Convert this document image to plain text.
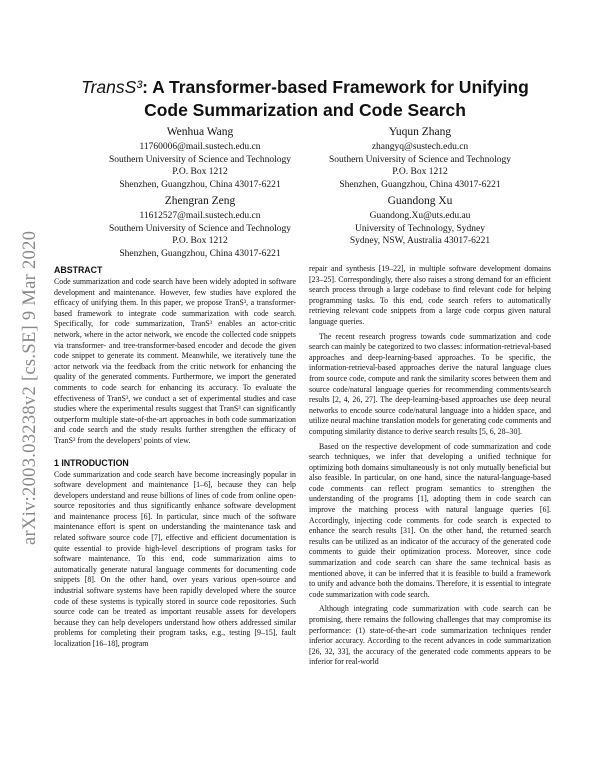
arXiv:2003.03238v2 [cs.SE] 9 Mar 2020
TransS³: A Transformer-based Framework for Unifying Code Summarization and Code Search
Wenhua Wang
11760006@mail.sustech.edu.cn
Southern University of Science and Technology
P.O. Box 1212
Shenzhen, Guangzhou, China 43017-6221
Yuqun Zhang
zhangyq@sustech.edu.cn
Southern University of Science and Technology
P.O. Box 1212
Shenzhen, Guangzhou, China 43017-6221
Zhengran Zeng
11612527@mail.sustech.edu.cn
Southern University of Science and Technology
P.O. Box 1212
Shenzhen, Guangzhou, China 43017-6221
Guandong Xu
Guandong.Xu@uts.edu.au
University of Technology, Sydney
Sydney, NSW, Australia 43017-6221

ABSTRACT

Code summarization and code search have been widely adopted in software development and maintenance. However, few studies have explored the efficacy of unifying them. In this paper, we propose TranS³, a transformer-based framework to integrate code summarization with code search. Specifically, for code summarization, TranS³ enables an actor-critic network, where in the actor network, we encode the collected code snippets via transformer- and tree-transformer-based encoder and decode the given code snippet to generate its comment. Meanwhile, we iteratively tune the actor network via the feedback from the critic network for enhancing the quality of the generated comments. Furthermore, we import the generated comments to code search for enhancing its accuracy. To evaluate the effectiveness of TranS³, we conduct a set of experimental studies and case studies where the experimental results suggest that TranS³ can significantly outperform multiple state-of-the-art approaches in both code summarization and code search and the study results further strengthen the efficacy of TranS³ from the developers' points of view.

1 INTRODUCTION

Code summarization and code search have become increasingly popular in software development and maintenance [1–6], because they can help developers understand and reuse billions of lines of code from online open-source repositories and thus significantly enhance software development and maintenance process [6]. In particular, since much of the software maintenance effort is spent on understanding the maintenance task and related software source code [7], effective and efficient documentation is quite essential to provide high-level descriptions of program tasks for software maintenance. To this end, code summarization aims to automatically generate natural language comments for documenting code snippets [8]. On the other hand, over years various open-source and industrial software systems have been rapidly developed where the source code of these systems is typically stored in source code repositories. Such source code can be treated as important reusable assets for developers because they can help developers understand how others addressed similar problems for completing their program tasks, e.g., testing [9–15], fault localization [16–18], program

repair and synthesis [19–22], in multiple software development domains [23–25]. Correspondingly, there also raises a strong demand for an efficient search process through a large codebase to find relevant code for helping programming tasks. To this end, code search refers to automatically retrieving relevant code snippets from a large code corpus given natural language queries.

The recent research progress towards code summarization and code search can mainly be categorized to two classes: information-retrieval-based approaches and deep-learning-based approaches. To be specific, the information-retrieval-based approaches derive the natural language clues from source code, compute and rank the similarity scores between them and source code/natural language queries for recommending comments/search results [2, 4, 26, 27]. The deep-learning-based approaches use deep neural networks to encode source code/natural language into a hidden space, and utilize neural machine translation models for generating code comments and computing similarity distance to derive search results [5, 6, 28–30].

Based on the respective development of code summarization and code search techniques, we infer that developing a unified technique for optimizing both domains simultaneously is not only mutually beneficial but also feasible. In particular, on one hand, since the natural-language-based code comments can reflect program semantics to strengthen the understanding of the programs [1], adopting them in code search can improve the matching process with natural language queries [6]. Accordingly, injecting code comments for code search is expected to enhance the search results [31]. On the other hand, the returned search results can be utilized as an indicator of the accuracy of the generated code comments to guide their optimization process. Moreover, since code summarization and code search can share the same technical basis as mentioned above, it can be inferred that it is feasible to build a framework to unify and advance both the domains. Therefore, it is essential to integrate code summarization with code search.

Although integrating code summarization with code search can be promising, there remains the following challenges that may compromise its performance: (1) state-of-the-art code summarization techniques render inferior accuracy. According to the recent advances in code summarization [26, 32, 33], the accuracy of the generated code comments appears to be inferior for real-world
